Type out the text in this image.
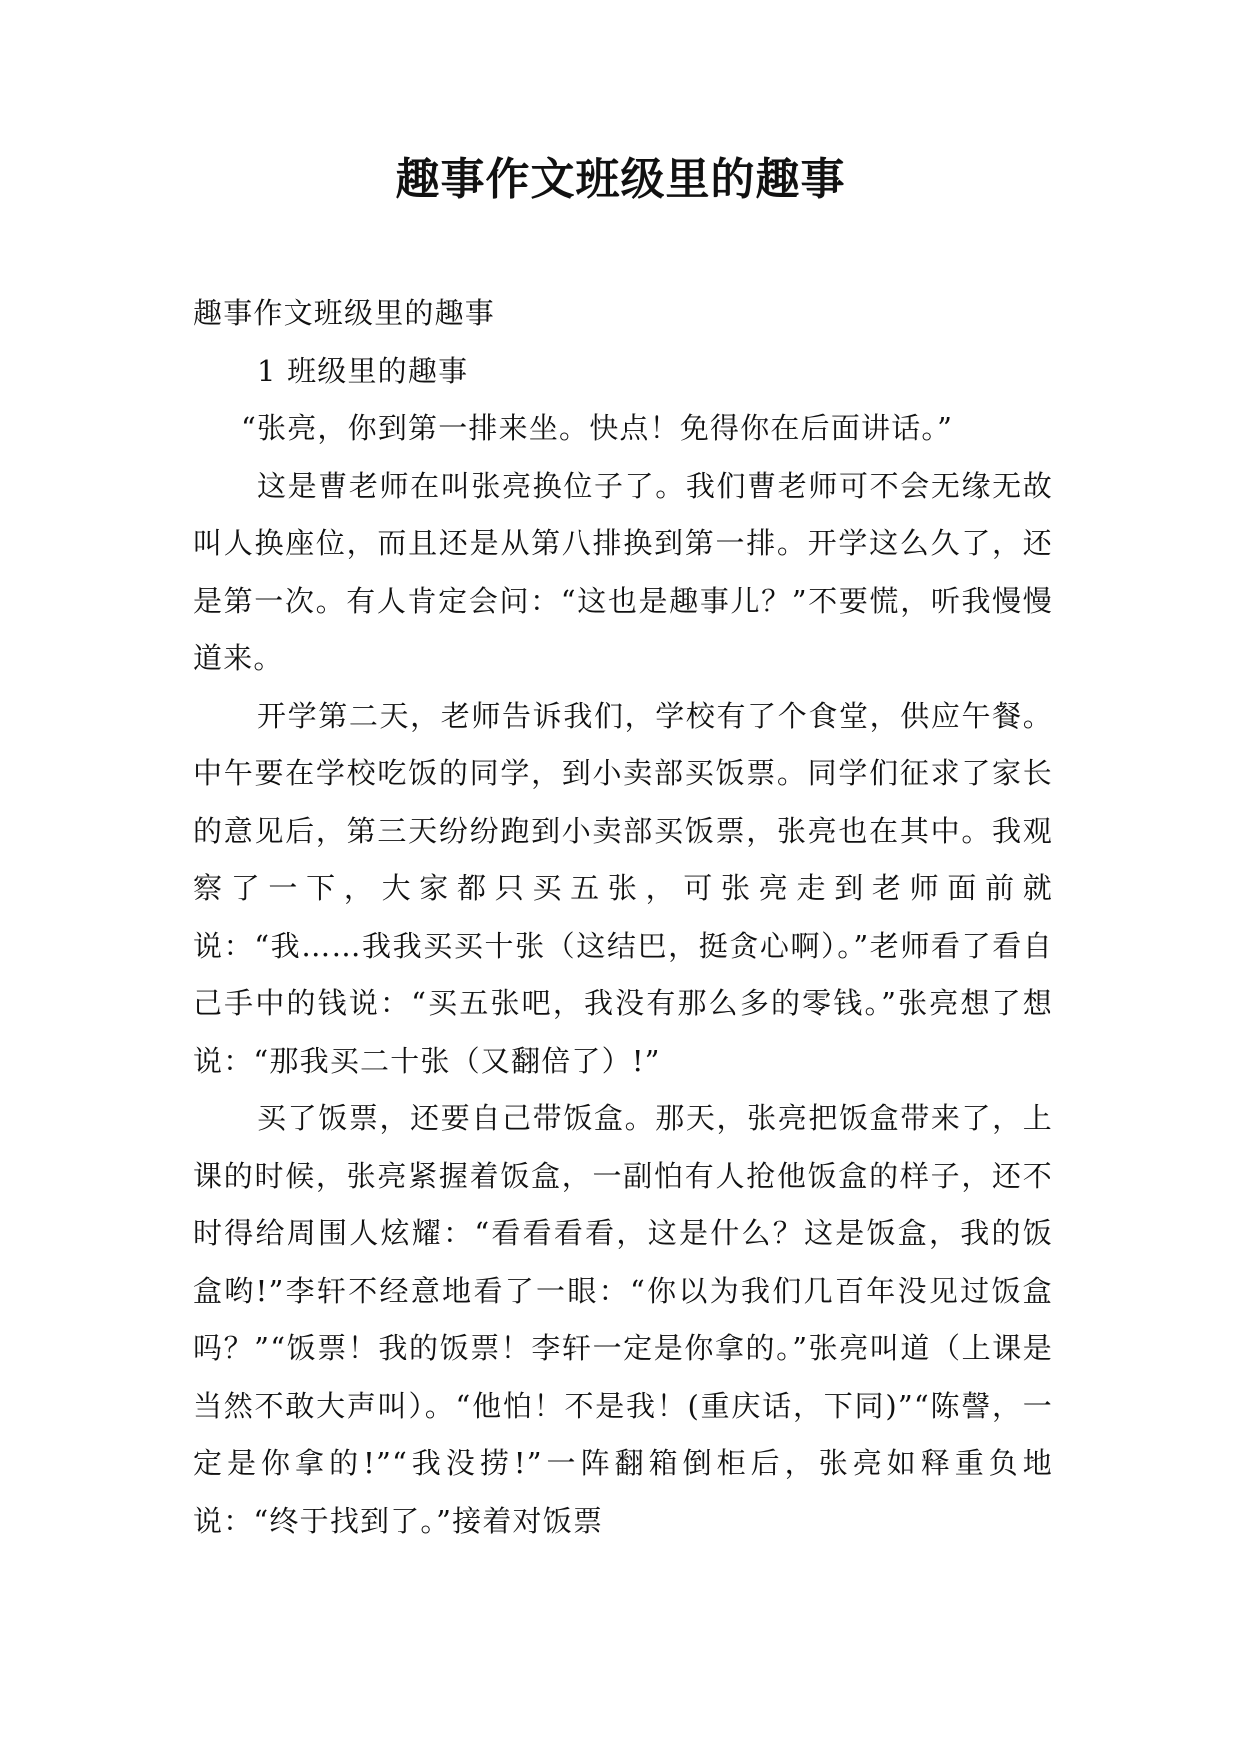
趣事作文班级里的趣事

趣事作文班级里的趣事

1 班级里的趣事

“张亮，你到第一排来坐。快点！免得你在后面讲话。”

这是曹老师在叫张亮换位子了。我们曹老师可不会无缘无故叫人换座位，而且还是从第八排换到第一排。开学这么久了，还是第一次。有人肯定会问：“这也是趣事儿？”不要慌，听我慢慢道来。

开学第二天，老师告诉我们，学校有了个食堂，供应午餐。中午要在学校吃饭的同学，到小卖部买饭票。同学们征求了家长的意见后，第三天纷纷跑到小卖部买饭票，张亮也在其中。我观察了一下，大家都只买五张，可张亮走到老师面前就说：“我……我我买买十张（这结巴，挺贪心啊）。”老师看了看自己手中的钱说：“买五张吧，我没有那么多的零钱。”张亮想了想说：“那我买二十张（又翻倍了）!”

买了饭票，还要自己带饭盒。那天，张亮把饭盒带来了，上课的时候，张亮紧握着饭盒，一副怕有人抢他饭盒的样子，还不时得给周围人炫耀：“看看看看，这是什么？这是饭盒，我的饭盒哟!”李轩不经意地看了一眼：“你以为我们几百年没见过饭盒吗？”“饭票！我的饭票！李轩一定是你拿的。”张亮叫道（上课是当然不敢大声叫）。“他怕！不是我！(重庆话，下同)”“陈謦，一定是你拿的!”“我没捞!”一阵翻箱倒柜后，张亮如释重负地说：“终于找到了。”接着对饭票
